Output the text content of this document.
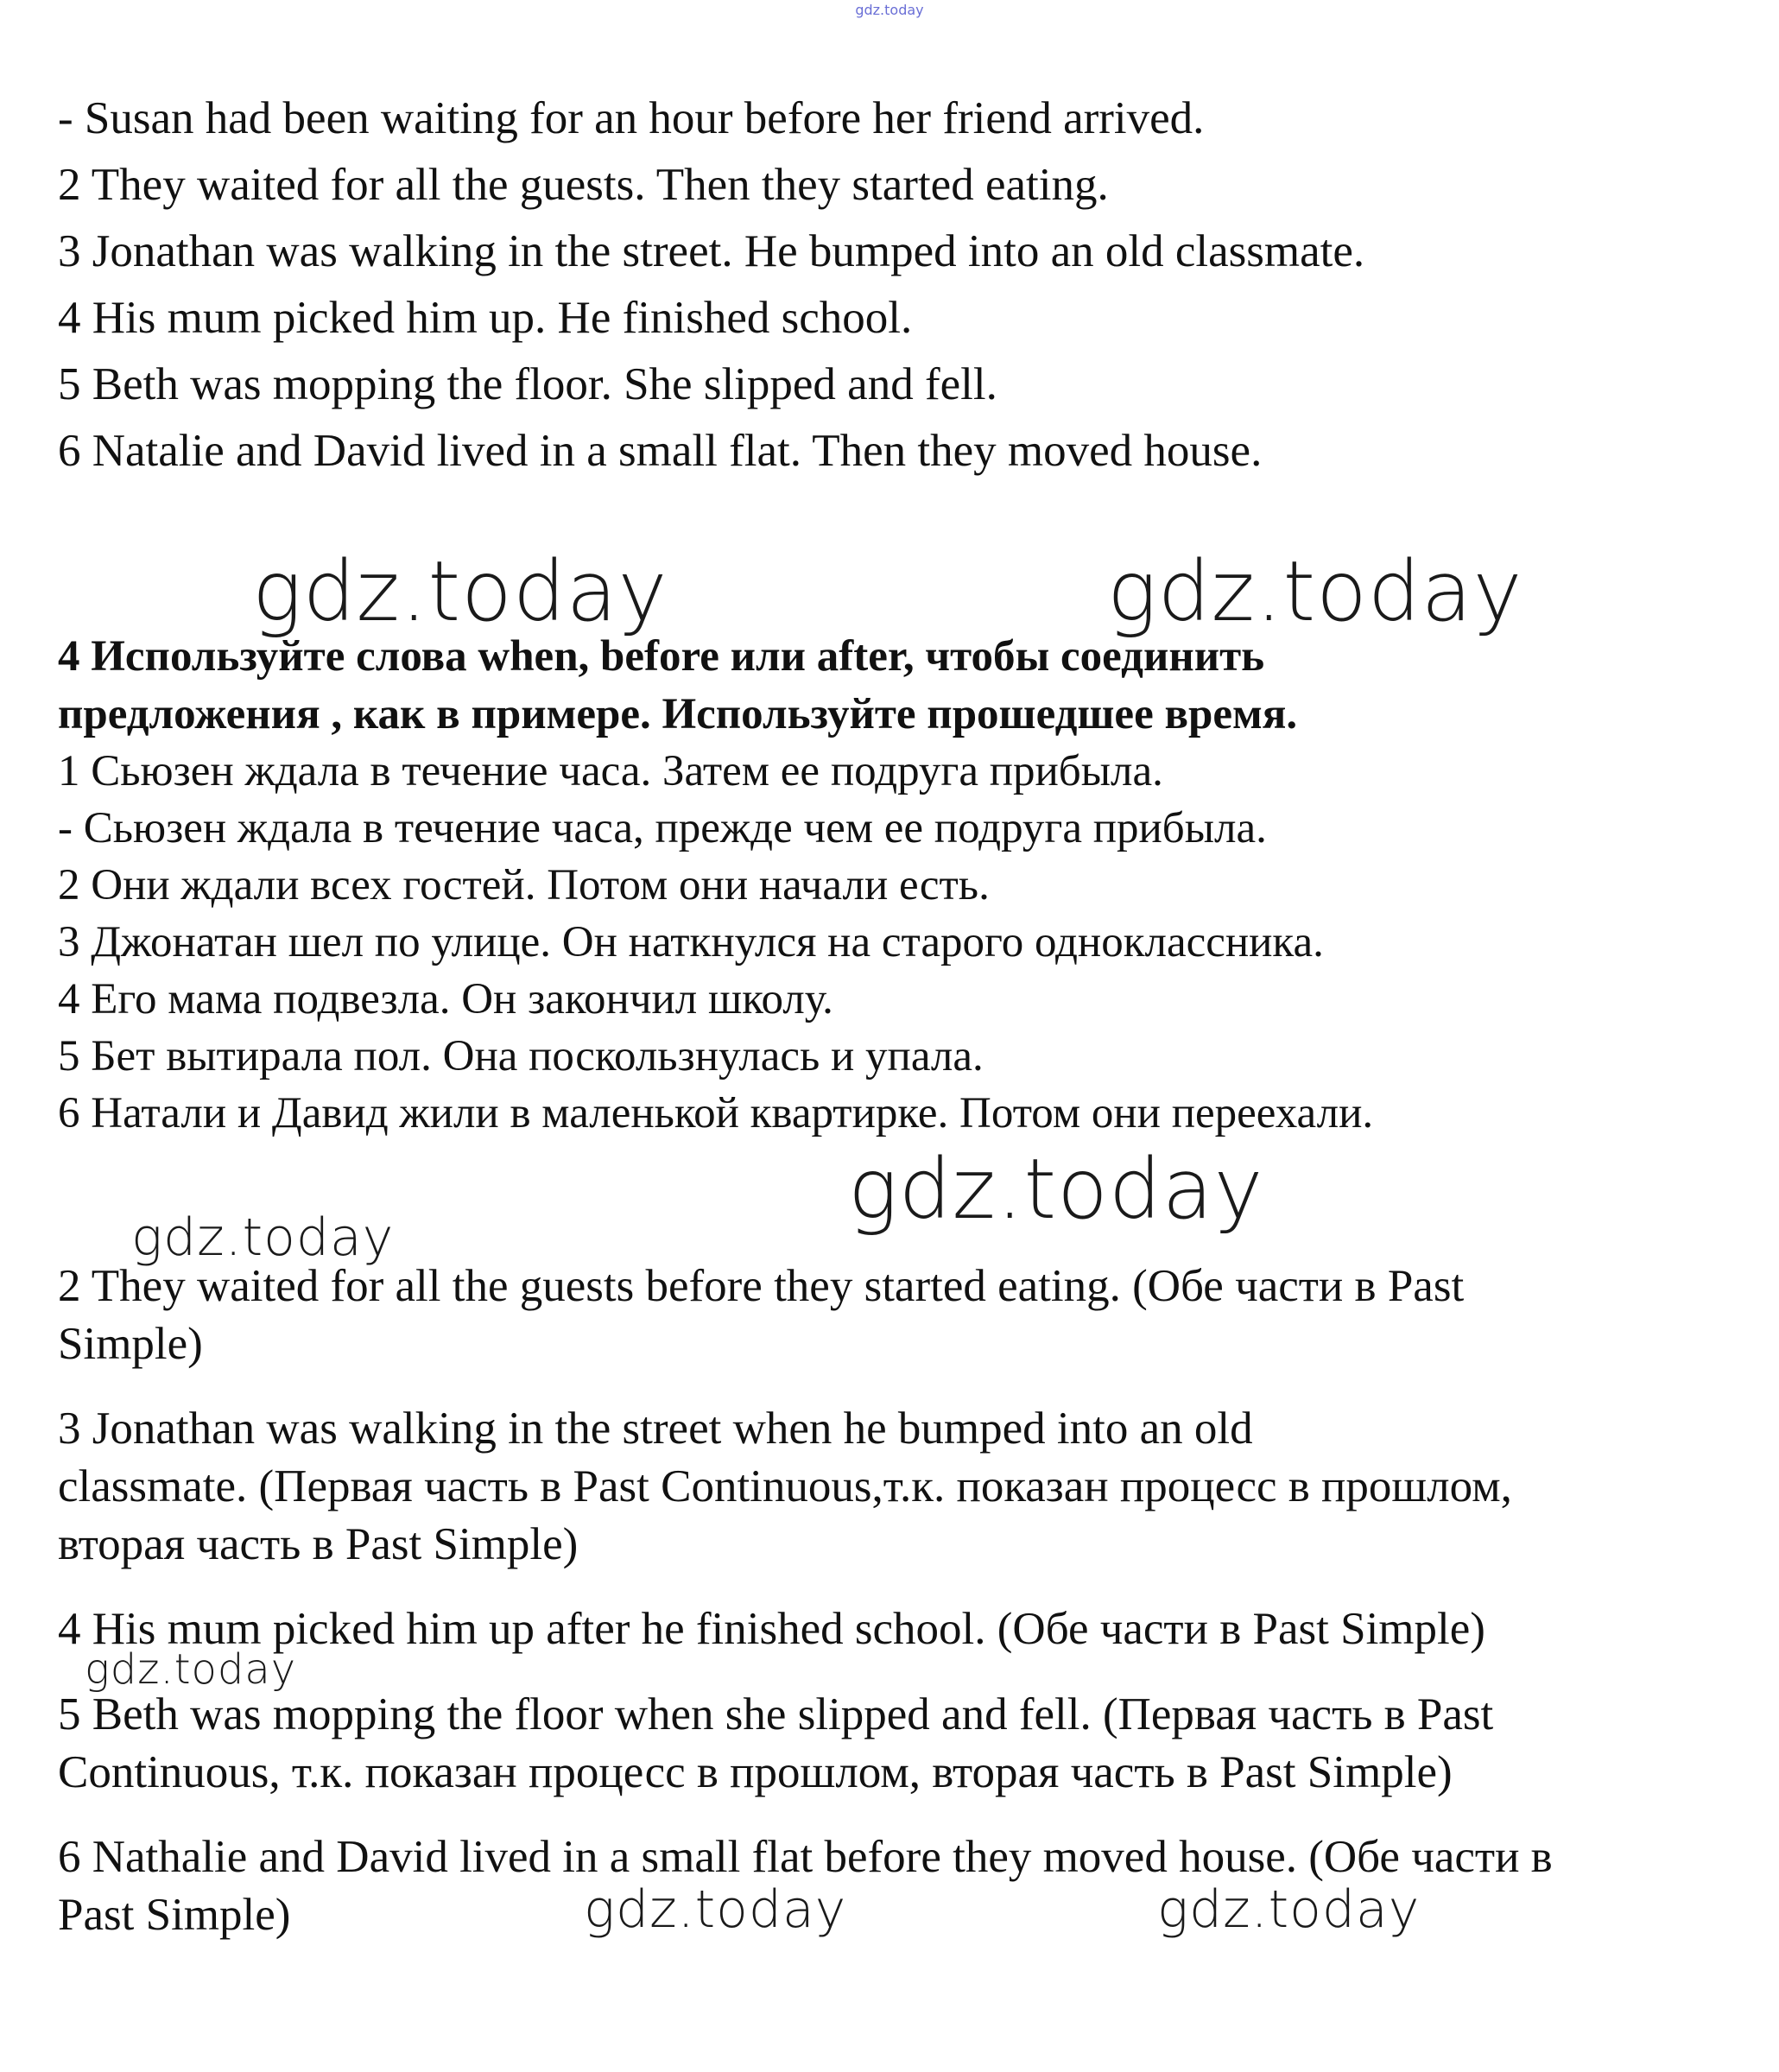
gdz.today
- Susan had been waiting for an hour before her friend arrived.
2 They waited for all the guests. Then they started eating.
3 Jonathan was walking in the street. He bumped into an old classmate.
4 His mum picked him up. He finished school.
5 Beth was mopping the floor. She slipped and fell.
6 Natalie and David lived in a small flat. Then they moved house.
gdz.today	gdz.today
4 Используйте слова when, before или after, чтобы соединить
предложения , как в примере. Используйте прошедшее время.
1 Сьюзен ждала в течение часа. Затем ее подруга прибыла.
- Сьюзен ждала в течение часа, прежде чем ее подруга прибыла.
2 Они ждали всех гостей. Потом они начали есть.
3 Джонатан шел по улице. Он наткнулся на старого одноклассника.
4 Его мама подвезла. Он закончил школу.
5 Бет вытирала пол. Она поскользнулась и упала.
6 Натали и Давид жили в маленькой квартирке. Потом они переехали.
gdz.today
gdz.today
2 They waited for all the guests before they started eating. (Обе части в Past
Simple)
3 Jonathan was walking in the street when he bumped into an old
classmate. (Первая часть в Past Continuous,т.к. показан процесс в прошлом,
вторая часть в Past Simple)
4 His mum picked him up after he finished school. (Обе части в Past Simple)
gdz.today
5 Beth was mopping the floor when she slipped and fell. (Первая часть в Past
Continuous, т.к. показан процесс в прошлом, вторая часть в Past Simple)
6 Nathalie and David lived in a small flat before they moved house. (Обе части в
Past Simple)	gdz.today	gdz.today
